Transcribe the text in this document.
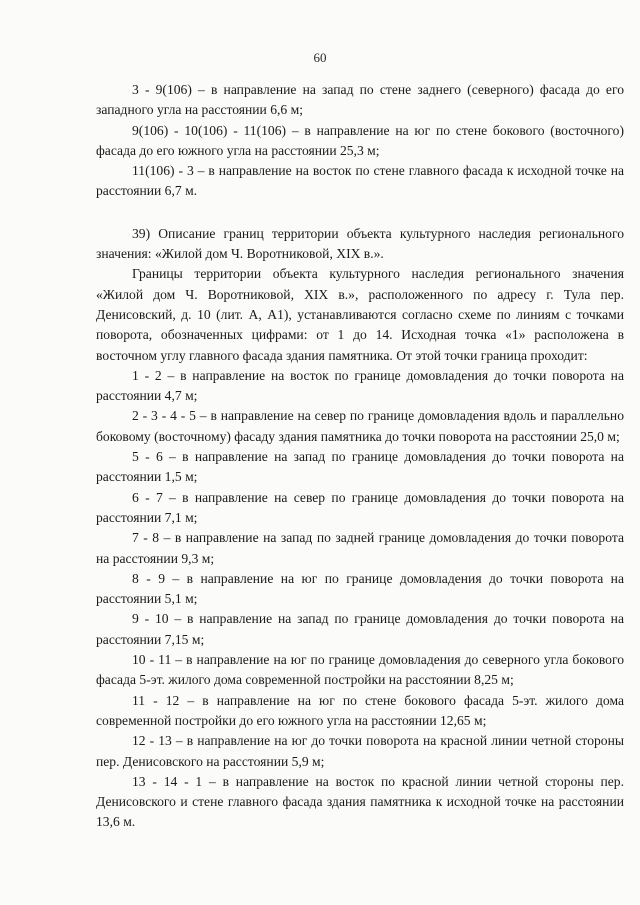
60

3 - 9(106) – в направление на запад по стене заднего (северного) фасада до его западного угла на расстоянии 6,6 м;

9(106) - 10(106) - 11(106) – в направление на юг по стене бокового (восточного) фасада до его южного угла на расстоянии 25,3 м;

11(106) - 3 – в направление на восток по стене главного фасада к исходной точке на расстоянии 6,7 м.

39) Описание границ территории объекта культурного наследия регионального значения: «Жилой дом Ч. Воротниковой, XIX в.».

Границы территории объекта культурного наследия регионального значения «Жилой дом Ч. Воротниковой, XIX в.», расположенного по адресу г. Тула пер. Денисовский, д. 10 (лит. А, А1), устанавливаются согласно схеме по линиям с точками поворота, обозначенных цифрами: от 1 до 14. Исходная точка «1» расположена в восточном углу главного фасада здания памятника. От этой точки граница проходит:

1 - 2 – в направление на восток по границе домовладения до точки поворота на расстоянии 4,7 м;

2 - 3 - 4 - 5 – в направление на север по границе домовладения вдоль и параллельно боковому (восточному) фасаду здания памятника до точки поворота на расстоянии 25,0 м;

5 - 6 – в направление на запад по границе домовладения до точки поворота на расстоянии 1,5 м;

6 - 7 – в направление на север по границе домовладения до точки поворота на расстоянии 7,1 м;

7 - 8 – в направление на запад по задней границе домовладения до точки поворота на расстоянии 9,3 м;

8 - 9 – в направление на юг по границе домовладения до точки поворота на расстоянии 5,1 м;

9 - 10 – в направление на запад по границе домовладения до точки поворота на расстоянии 7,15 м;

10 - 11 – в направление на юг по границе домовладения до северного угла бокового фасада 5-эт. жилого дома современной постройки на расстоянии 8,25 м;

11 - 12 – в направление на юг по стене бокового фасада 5-эт. жилого дома современной постройки до его южного угла на расстоянии 12,65 м;

12 - 13 – в направление на юг до точки поворота на красной линии четной стороны пер. Денисовского на расстоянии 5,9 м;

13 - 14 - 1 – в направление на восток по красной линии четной стороны пер. Денисовского и стене главного фасада здания памятника к исходной точке на расстоянии 13,6 м.
